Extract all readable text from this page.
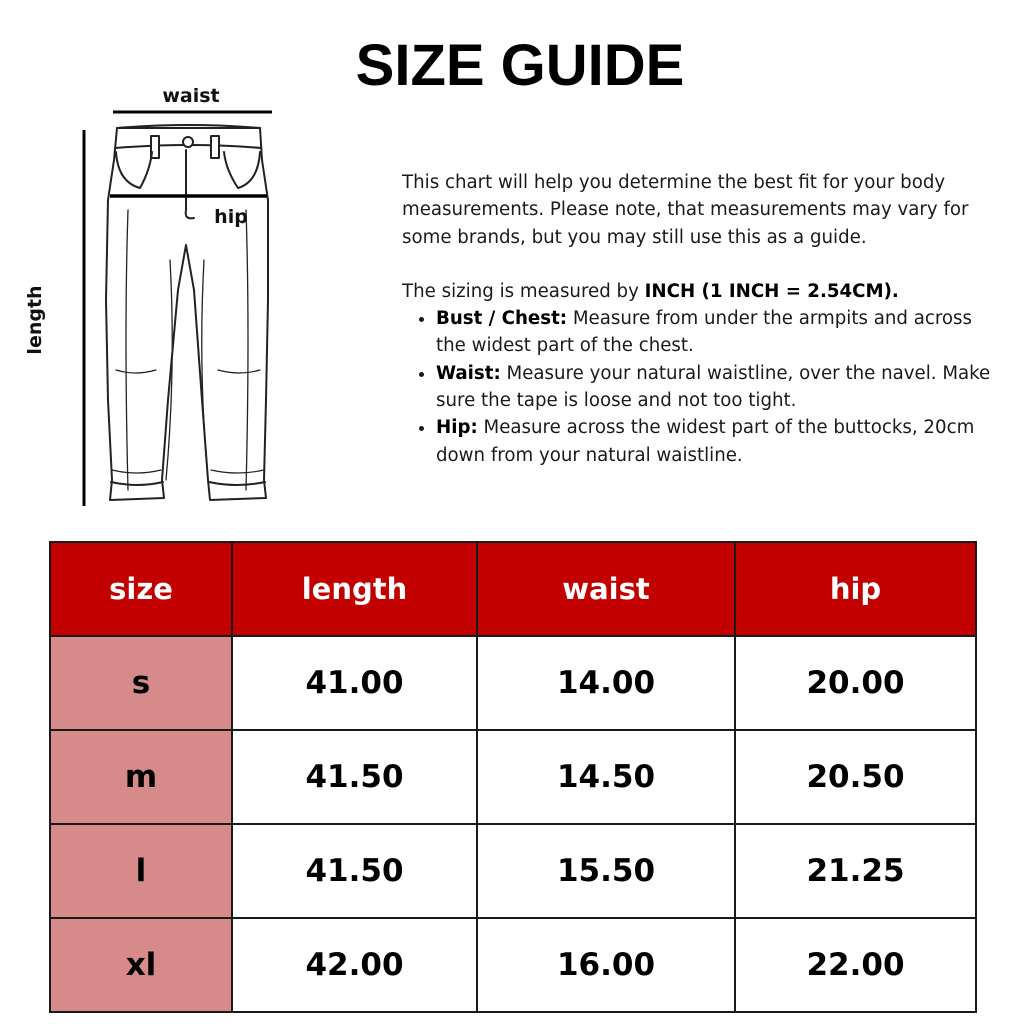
SIZE GUIDE
waist
length
hip

This chart will help you determine the best fit for your body measurements. Please note, that measurements may vary for some brands, but you may still use this as a guide.

The sizing is measured by INCH (1 INCH = 2.54CM).

• Bust / Chest: Measure from under the armpits and across the widest part of the chest.
• Waist: Measure your natural waistline, over the navel. Make sure the tape is loose and not too tight.
• Hip: Measure across the widest part of the buttocks, 20cm down from your natural waistline.
size	length	waist	hip
s	41.00	14.00	20.00
m	41.50	14.50	20.50
l	41.50	15.50	21.25
xl	42.00	16.00	22.00
